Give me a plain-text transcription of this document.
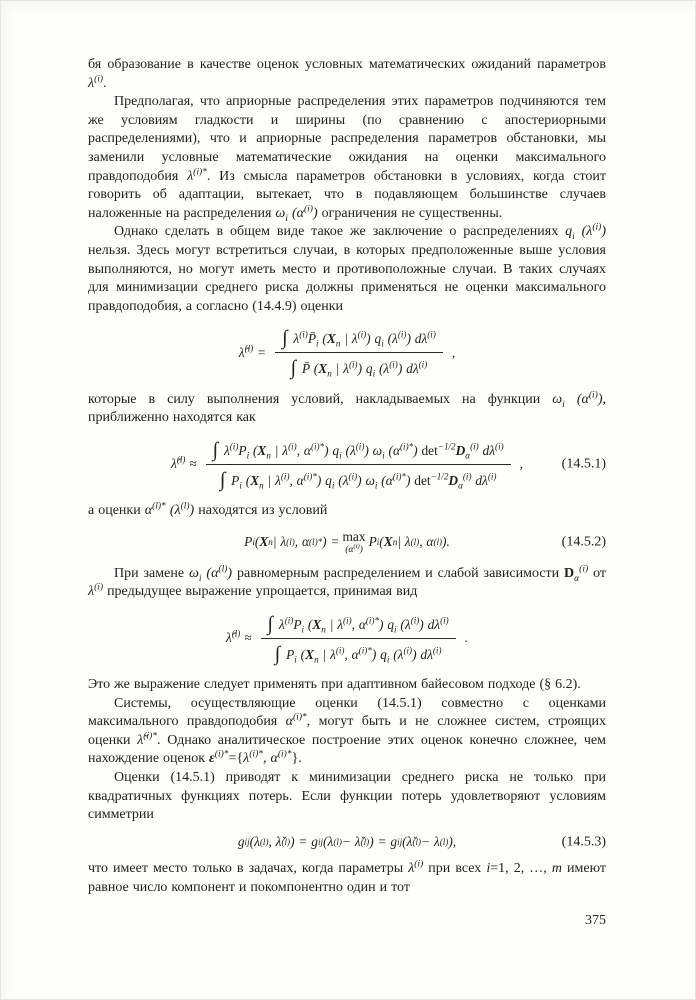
бя образование в качестве оценок условных математических ожиданий параметров $\lambda^{(i)}$.

Предполагая, что априорные распределения этих параметров подчиняются тем же условиям гладкости и ширины (по сравнению с апостериорными распределениями), что и априорные распределения параметров обстановки, мы заменили условные математические ожидания на оценки максимального правдоподобия $\lambda^{(i)*}$. Из смысла параметров обстановки в условиях, когда стоит говорить об адаптации, вытекает, что в подавляющем большинстве случаев наложенные на распределения $\omega_i$ $(\alpha^{(i)})$ ограничения не существенны.

Однако сделать в общем виде такое же заключение о распределениях $q_i$ $(\lambda^{(i)})$ нельзя. Здесь могут встретиться случаи, в которых предположенные выше условия выполняются, но могут иметь место и противоположные случаи. В таких случаях для минимизации среднего риска должны применяться не оценки максимального правдоподобия, а согласно (14.4.9) оценки

λ̂$^{(l)}$ = $\frac{\int \lambda^{(i)}P̄_i (X_n | \lambda^{(i)}) q_i (\lambda^{(i)}) d\lambda^{(i)}}{\int P̄ (X_n | \lambda^{(i)}) q_i (\lambda^{(i)}) d\lambda^{(i)}}$ ,

которые в силу выполнения условий, накладываемых на функции $\omega_i$ $(\alpha^{(i)})$, приближенно находятся как

λ̂$^{(l)}$ ≈
∫ $\lambda^{(i)}P_i$ ($X_n$ | $\lambda^{(i)}$, $\alpha^{(i)*}$) $q_i$ $(\lambda^{(i)})$ $\omega_i$ $(\alpha^{(i)*})$ $\det^{-1/2}D_\alpha^{(i)}$ $d\lambda^{(i)}$
∫ $P_i$ ($X_n$ | $\lambda^{(i)}$, $\alpha^{(i)*}$) $q_i$ $(\lambda^{(i)})$ $\omega_i$ $(\alpha^{(i)*})$ $\det^{-1/2}D_\alpha^{(i)}$ $d\lambda^{(i)}$
,	(14.5.1)

а оценки $\alpha^{(l)*}$ $(\lambda^{(l)})$ находятся из условий

P i ( X n | λ (l) , α (l)* ) = max
$(\alpha^{(i)})$
P i ( X n | λ (l) , α (l) ).	(14.5.2)

При замене $\omega_i$ $(\alpha^{(l)})$ равномерным распределением и слабой зависимости $D_\alpha^{(i)}$ от $\lambda^{(i)}$ предыдущее выражение упрощается, принимая вид

λ̂$^{(l)}$ ≈ $\frac{\int \lambda^{(i)}P_i (X_n | \lambda^{(i)}, \alpha^{(i)*}) q_i (\lambda^{(i)}) d\lambda^{(i)}}{\int P_i (X_n | \lambda^{(i)}, \alpha^{(i)*}) q_i (\lambda^{(i)}) d\lambda^{(i)}}$ .

Это же выражение следует применять при адаптивном байесовом подходе (§ 6.2).

Системы, осуществляющие оценки (14.5.1) совместно с оценками максимального правдоподобия $\alpha^{(i)*}$, могут быть и не сложнее систем, строящих оценки λ̌$^{(i)*}$. Однако аналитическое построение этих оценок конечно сложнее, чем нахождение оценок $\varepsilon^{(i)*}=\{\lambda^{(i)*}$, $\alpha^{(i)*}$}.

Оценки (14.5.1) приводят к минимизации среднего риска не только при квадратичных функциях потерь. Если функции потерь удовлетворяют условиям симметрии

g ij (λ (l) , λ̌ (l) ) = g ij (λ (l) − λ̌ (l) ) = g ij (λ̌ (l) − λ (l) ),	(14.5.3)

что имеет место только в задачах, когда параметры $\lambda^{(i)}$ при всех i=1, 2, …, m имеют равное число компонент и покомпонентно один и тот

375
